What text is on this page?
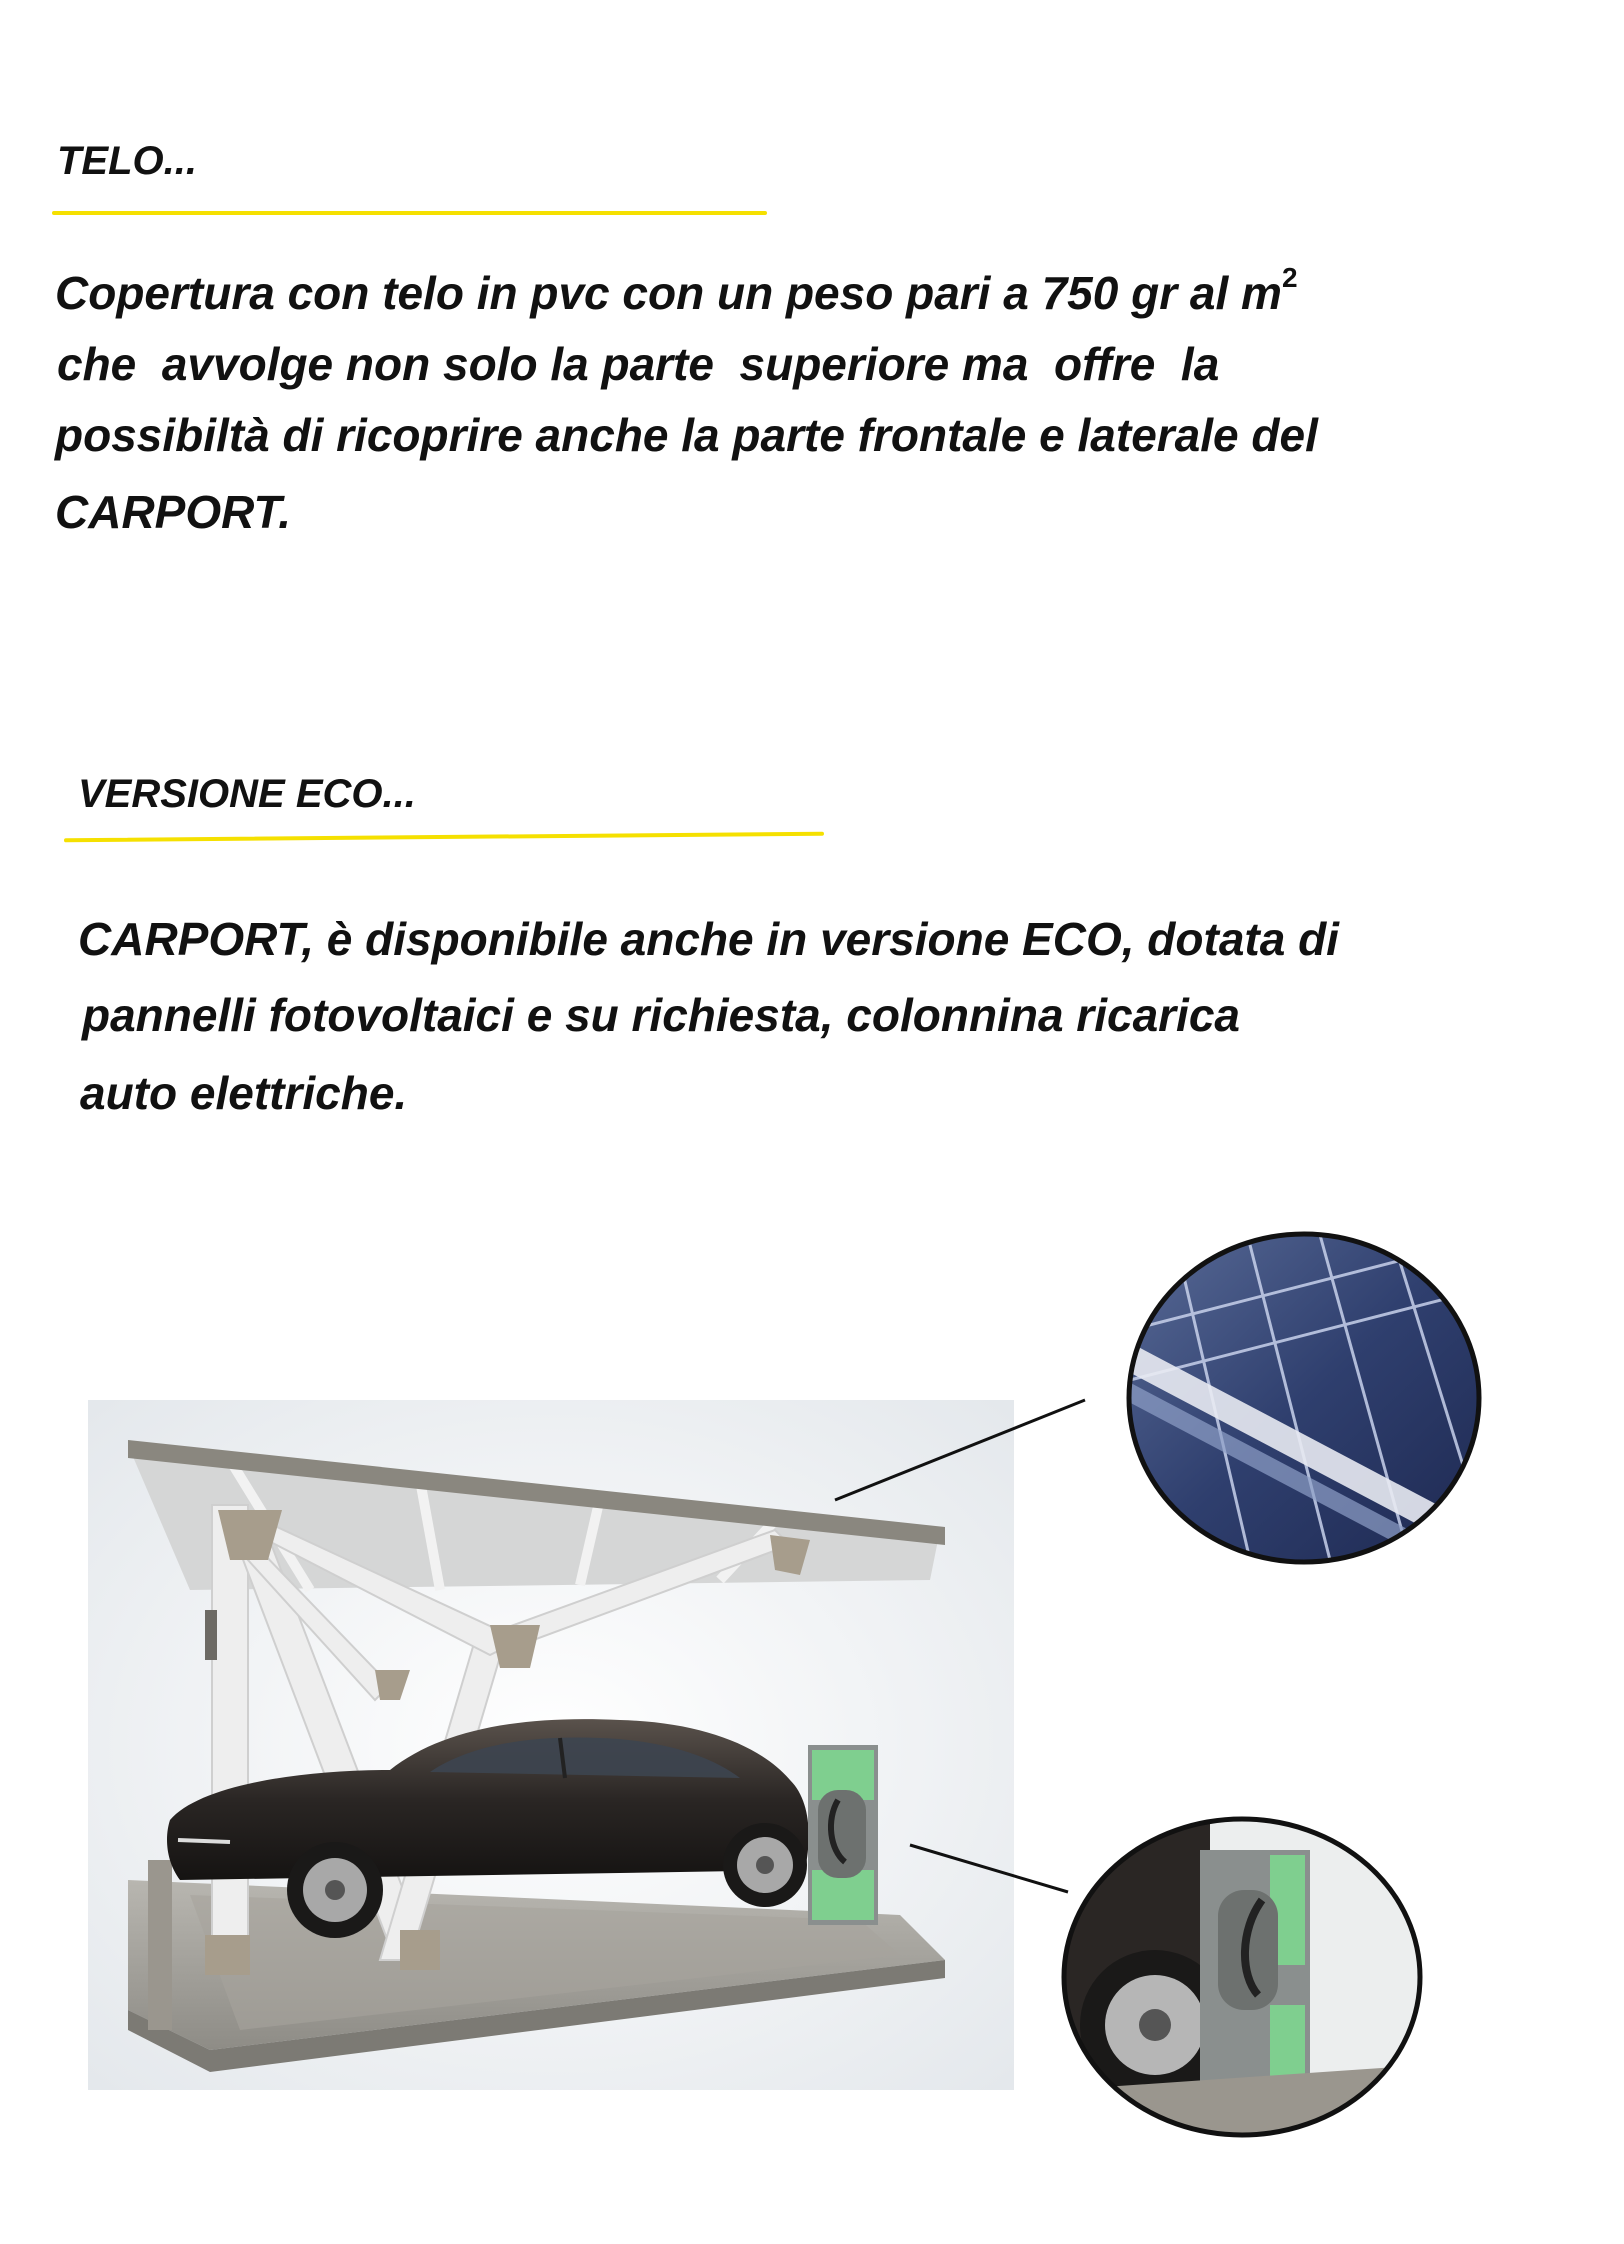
TELO...
Copertura con telo in pvc con un peso pari a 750 gr al $m^2$
che  avvolge non solo la parte  superiore ma  offre  la
possibiltà di ricoprire anche la parte frontale e laterale del
CARPORT.
VERSIONE ECO...
CARPORT, è disponibile anche in versione ECO, dotata di
pannelli fotovoltaici e su richiesta, colonnina ricarica
auto elettriche.
